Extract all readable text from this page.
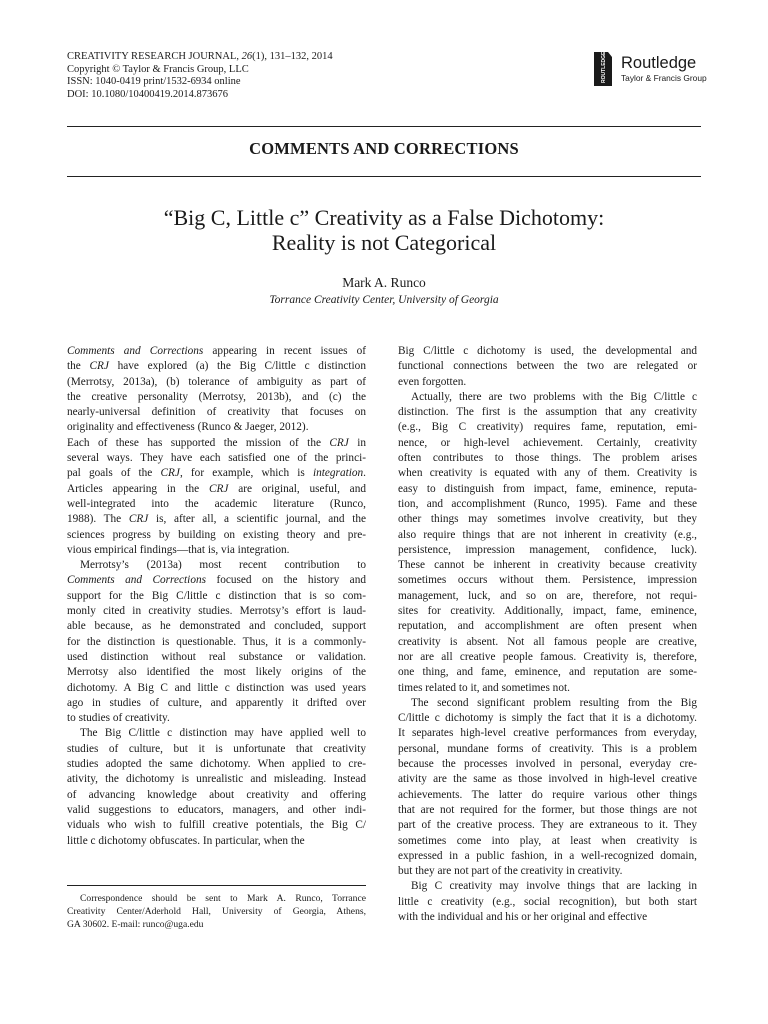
CREATIVITY RESEARCH JOURNAL, 26(1), 131–132, 2014
Copyright © Taylor & Francis Group, LLC
ISSN: 1040-0419 print/1532-6934 online
DOI: 10.1080/10400419.2014.873676
ROUTLEDGE Routledge
Taylor & Francis Group
COMMENTS AND CORRECTIONS
“Big C, Little c” Creativity as a False Dichotomy:
Reality is not Categorical
Mark A. Runco
Torrance Creativity Center, University of Georgia
Comments and Corrections appearing in recent issues of
the CRJ have explored (a) the Big C/little c distinction
(Merrotsy, 2013a), (b) tolerance of ambiguity as part of
the creative personality (Merrotsy, 2013b), and (c) the
nearly-universal definition of creativity that focuses on
originality and effectiveness (Runco & Jaeger, 2012).
Each of these has supported the mission of the CRJ in
several ways. They have each satisfied one of the princi-
pal goals of the CRJ, for example, which is integration.
Articles appearing in the CRJ are original, useful, and
well-integrated into the academic literature (Runco,
1988). The CRJ is, after all, a scientific journal, and the
sciences progress by building on existing theory and pre-
vious empirical findings—that is, via integration.
Merrotsy’s (2013a) most recent contribution to
Comments and Corrections focused on the history and
support for the Big C/little c distinction that is so com-
monly cited in creativity studies. Merrotsy’s effort is laud-
able because, as he demonstrated and concluded, support
for the distinction is questionable. Thus, it is a commonly-
used distinction without real substance or validation.
Merrotsy also identified the most likely origins of the
dichotomy. A Big C and little c distinction was used years
ago in studies of culture, and apparently it drifted over
to studies of creativity.
The Big C/little c distinction may have applied well to
studies of culture, but it is unfortunate that creativity
studies adopted the same dichotomy. When applied to cre-
ativity, the dichotomy is unrealistic and misleading. Instead
of advancing knowledge about creativity and offering
valid suggestions to educators, managers, and other indi-
viduals who wish to fulfill creative potentials, the Big C/
little c dichotomy obfuscates. In particular, when the
Big C/little c dichotomy is used, the developmental and
functional connections between the two are relegated or
even forgotten.
Actually, there are two problems with the Big C/little c
distinction. The first is the assumption that any creativity
(e.g., Big C creativity) requires fame, reputation, emi-
nence, or high-level achievement. Certainly, creativity
often contributes to those things. The problem arises
when creativity is equated with any of them. Creativity is
easy to distinguish from impact, fame, eminence, reputa-
tion, and accomplishment (Runco, 1995). Fame and these
other things may sometimes involve creativity, but they
also require things that are not inherent in creativity (e.g.,
persistence, impression management, confidence, luck).
These cannot be inherent in creativity because creativity
sometimes occurs without them. Persistence, impression
management, luck, and so on are, therefore, not requi-
sites for creativity. Additionally, impact, fame, eminence,
reputation, and accomplishment are often present when
creativity is absent. Not all famous people are creative,
nor are all creative people famous. Creativity is, therefore,
one thing, and fame, eminence, and reputation are some-
times related to it, and sometimes not.
The second significant problem resulting from the Big
C/little c dichotomy is simply the fact that it is a dichotomy.
It separates high-level creative performances from everyday,
personal, mundane forms of creativity. This is a problem
because the processes involved in personal, everyday cre-
ativity are the same as those involved in high-level creative
achievements. The latter do require various other things
that are not required for the former, but those things are not
part of the creative process. They are extraneous to it. They
sometimes come into play, at least when creativity is
expressed in a public fashion, in a well-recognized domain,
but they are not part of the creativity in creativity.
Big C creativity may involve things that are lacking in
little c creativity (e.g., social recognition), but both start
with the individual and his or her original and effective
Correspondence should be sent to Mark A. Runco, Torrance
Creativity Center/Aderhold Hall, University of Georgia, Athens,
GA 30602. E-mail: runco@uga.edu
